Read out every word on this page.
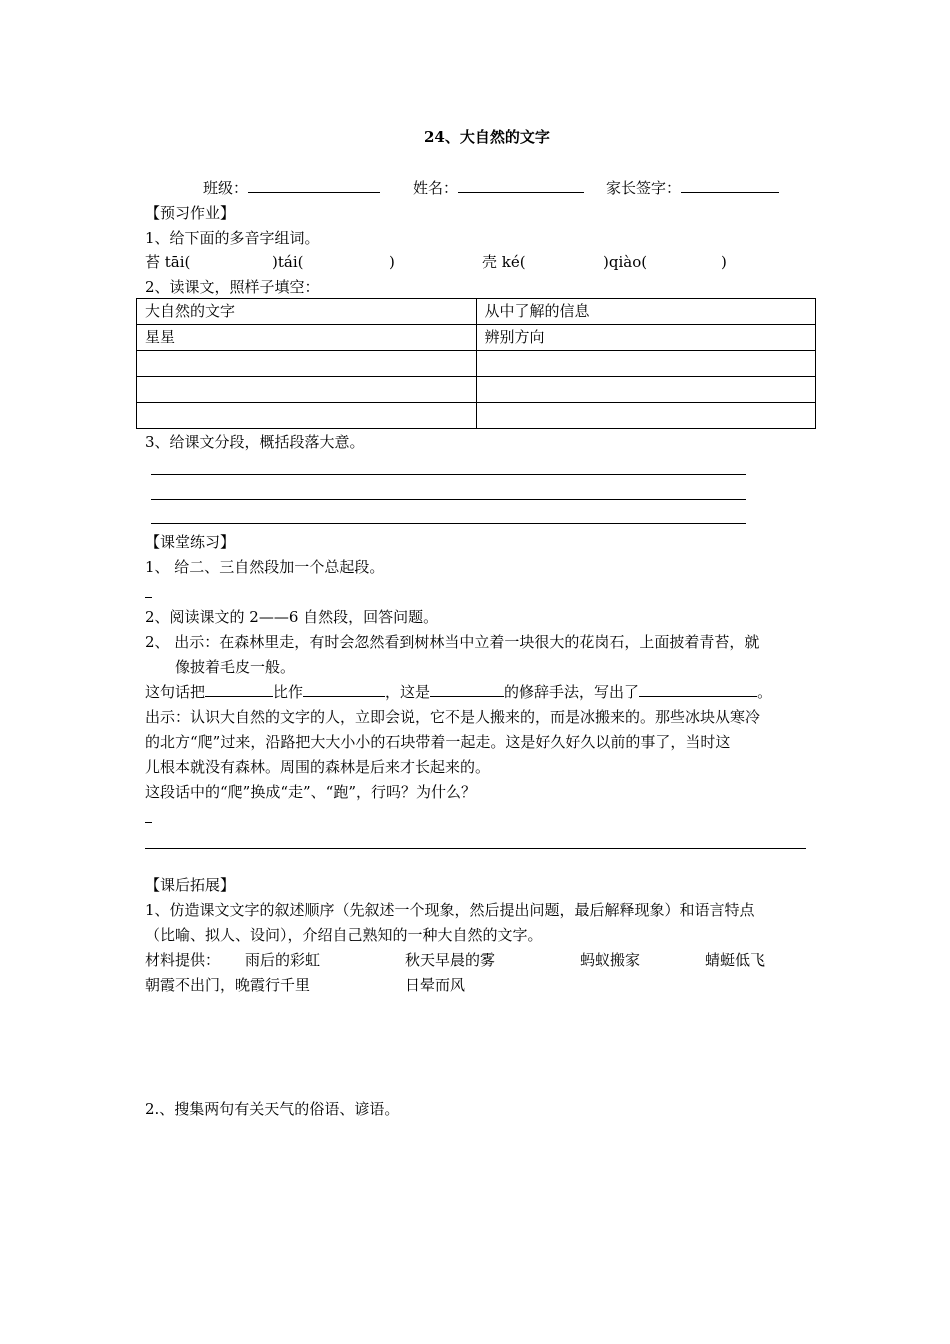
24、大自然的文字
班级：	姓名：	家长签字：
【预习作业】
1、给下面的多音字组词。
苔 tāi(	)tái(	)	壳 ké(	)qiào(	)
2、读课文，照样子填空：
大自然的文字	从中了解的信息
星星	辨别方向

3、给课文分段，概括段落大意。
【课堂练习】
1、 给二、三自然段加一个总起段。
2、阅读课文的 2——6 自然段，回答问题。
2、 出示：在森林里走，有时会忽然看到树林当中立着一块很大的花岗石，上面披着青苔，就
像披着毛皮一般。
这句话把	比作	，这是	的修辞手法，写出了	。
出示：认识大自然的文字的人，立即会说，它不是人搬来的，而是冰搬来的。那些冰块从寒冷
的北方“爬”过来，沿路把大大小小的石块带着一起走。这是好久好久以前的事了，当时这
儿根本就没有森林。周围的森林是后来才长起来的。
这段话中的“爬”换成“走”、“跑”，行吗？为什么？
【课后拓展】
1、仿造课文文字的叙述顺序（先叙述一个现象，然后提出问题，最后解释现象）和语言特点
（比喻、拟人、设问），介绍自己熟知的一种大自然的文字。
材料提供： 雨后的彩虹	秋天早晨的雾	蚂蚁搬家	蜻蜓低飞
朝霞不出门，晚霞行千里	日晕而风
2.、搜集两句有关天气的俗语、谚语。
